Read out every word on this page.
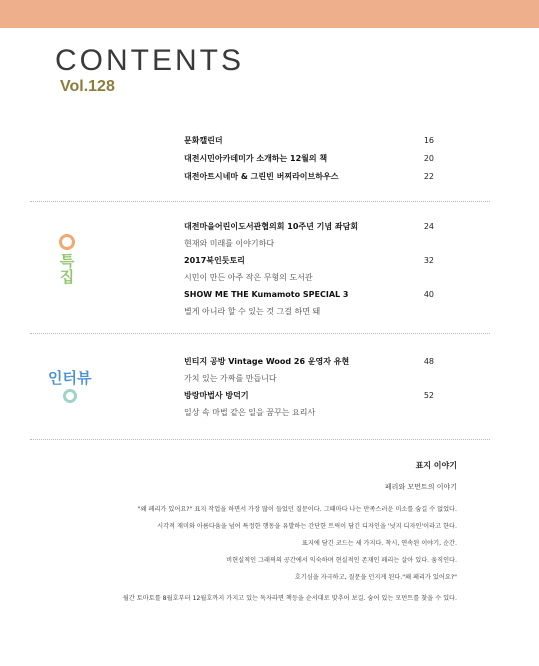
CONTENTS
Vol.128
문화캘린더	16
대전시민아카데미가 소개하는 12월의 책	20
대전아트시네마 & 그린빈 버찌라이브하우스	22
특
집
대전마을어린이도서관협의회 10주년 기념 좌담회	24
현재와 미래를 이야기하다
2017북인듯토리	32
시민이 만든 아주 작은 무형의 도서관
SHOW ME THE Kumamoto SPECIAL 3	40
별게 아니라 할 수 있는 것 그걸 하면 돼
인터뷰
빈티지 공방 Vintage Wood 26 운영자 유현	48
가치 있는 가짜를 만듭니다
방랑마법사 방덕기	52
일상 속 마법 같은 일을 꿈꾸는 요리사
표지 이야기
페리와 모먼트의 이야기
"왜 페리가 있어요?" 표지 작업을 하면서 가장 많이 들었던 질문이다. 그때마다 나는 만족스러운 미소를 숨길 수 없었다.
시각적 재미와 아름다움을 넘어 특정한 행동을 유발하는 간단한 트릭이 담긴 디자인을 '넛지 디자인'이라고 한다.
표지에 담긴 코드는 세 가지다. 착시, 연속된 이야기, 순간.
비현실적인 그래픽의 공간에서 익숙하며 현실적인 존재인 페리는 살아 있다. 움직인다.
호기심을 자극하고, 질문을 던지게 된다."왜 페리가 있어요?"
월간 토마토를 8월호부터 12월호까지 가지고 있는 독자라면 책등을 순서대로 맞추어 보길. 숨어 있는 모먼트를 찾을 수 있다.
